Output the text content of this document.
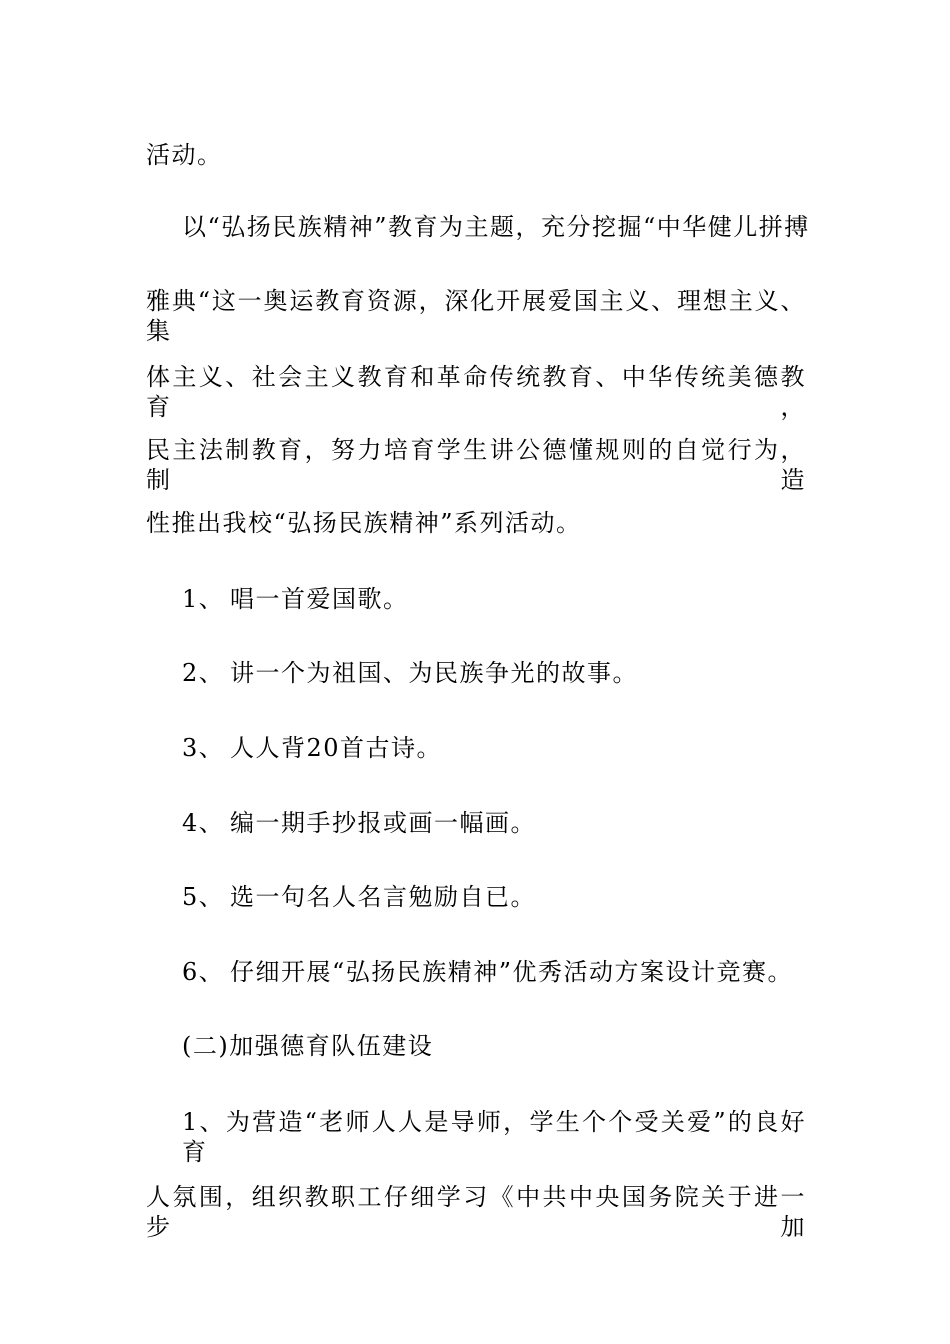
活动。
以“弘扬民族精神”教育为主题，充分挖掘“中华健儿拼搏
雅典“这一奥运教育资源，深化开展爱国主义、理想主义、集
体主义、社会主义教育和革命传统教育、中华传统美德教育，
民主法制教育，努力培育学生讲公德懂规则的自觉行为，制造
性推出我校“弘扬民族精神”系列活动。
1、 唱一首爱国歌。
2、 讲一个为祖国、为民族争光的故事。
3、 人人背20首古诗。
4、 编一期手抄报或画一幅画。
5、 选一句名人名言勉励自已。
6、 仔细开展“弘扬民族精神”优秀活动方案设计竞赛。
(二)加强德育队伍建设
1、为营造“老师人人是导师，学生个个受关爱”的良好育
人氛围，组织教职工仔细学习《中共中央国务院关于进一步加
